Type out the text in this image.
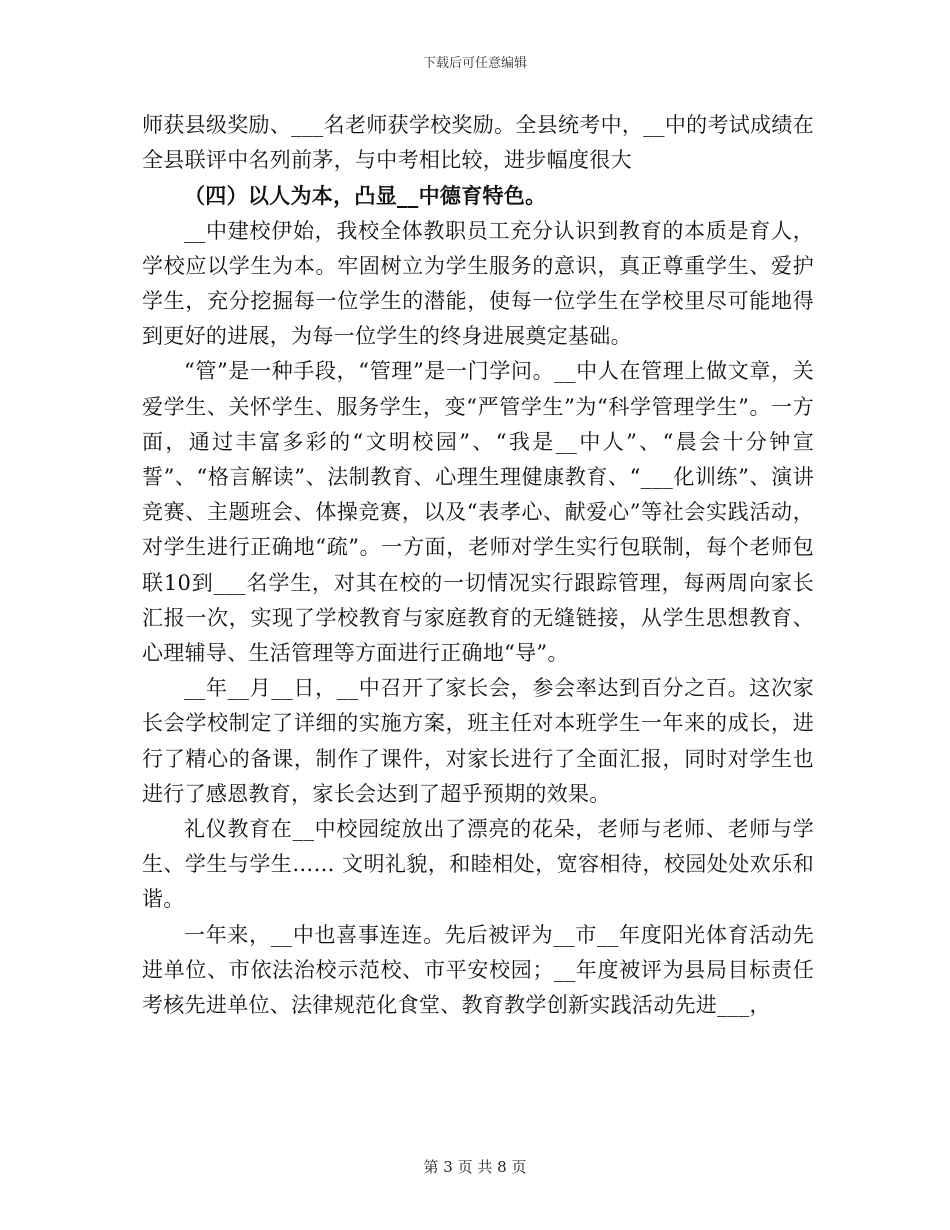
下载后可任意编辑

师获县级奖励、___名老师获学校奖励。全县统考中，__中的考试成绩在全县联评中名列前茅，与中考相比较，进步幅度很大

（四）以人为本，凸显__中德育特色。

__中建校伊始，我校全体教职员工充分认识到教育的本质是育人，学校应以学生为本。牢固树立为学生服务的意识，真正尊重学生、爱护学生，充分挖掘每一位学生的潜能，使每一位学生在学校里尽可能地得到更好的进展，为每一位学生的终身进展奠定基础。

“管”是一种手段，“管理”是一门学问。__中人在管理上做文章，关爱学生、关怀学生、服务学生，变“严管学生”为“科学管理学生”。一方面，通过丰富多彩的“文明校园”、“我是__中人”、“晨会十分钟宣誓”、“格言解读”、法制教育、心理生理健康教育、“___化训练”、演讲竞赛、主题班会、体操竞赛，以及“表孝心、献爱心”等社会实践活动，对学生进行正确地“疏”。一方面，老师对学生实行包联制，每个老师包联10到___名学生，对其在校的一切情况实行跟踪管理，每两周向家长汇报一次，实现了学校教育与家庭教育的无缝链接，从学生思想教育、心理辅导、生活管理等方面进行正确地“导”。

__年__月__日，__中召开了家长会，参会率达到百分之百。这次家长会学校制定了详细的实施方案，班主任对本班学生一年来的成长，进行了精心的备课，制作了课件，对家长进行了全面汇报，同时对学生也进行了感恩教育，家长会达到了超乎预期的效果。

礼仪教育在__中校园绽放出了漂亮的花朵，老师与老师、老师与学生、学生与学生…… 文明礼貌，和睦相处，宽容相待，校园处处欢乐和谐。

一年来，__中也喜事连连。先后被评为__市__年度阳光体育活动先进单位、市依法治校示范校、市平安校园；__年度被评为县局目标责任考核先进单位、法律规范化食堂、教育教学创新实践活动先进___，

第 3 页 共 8 页
